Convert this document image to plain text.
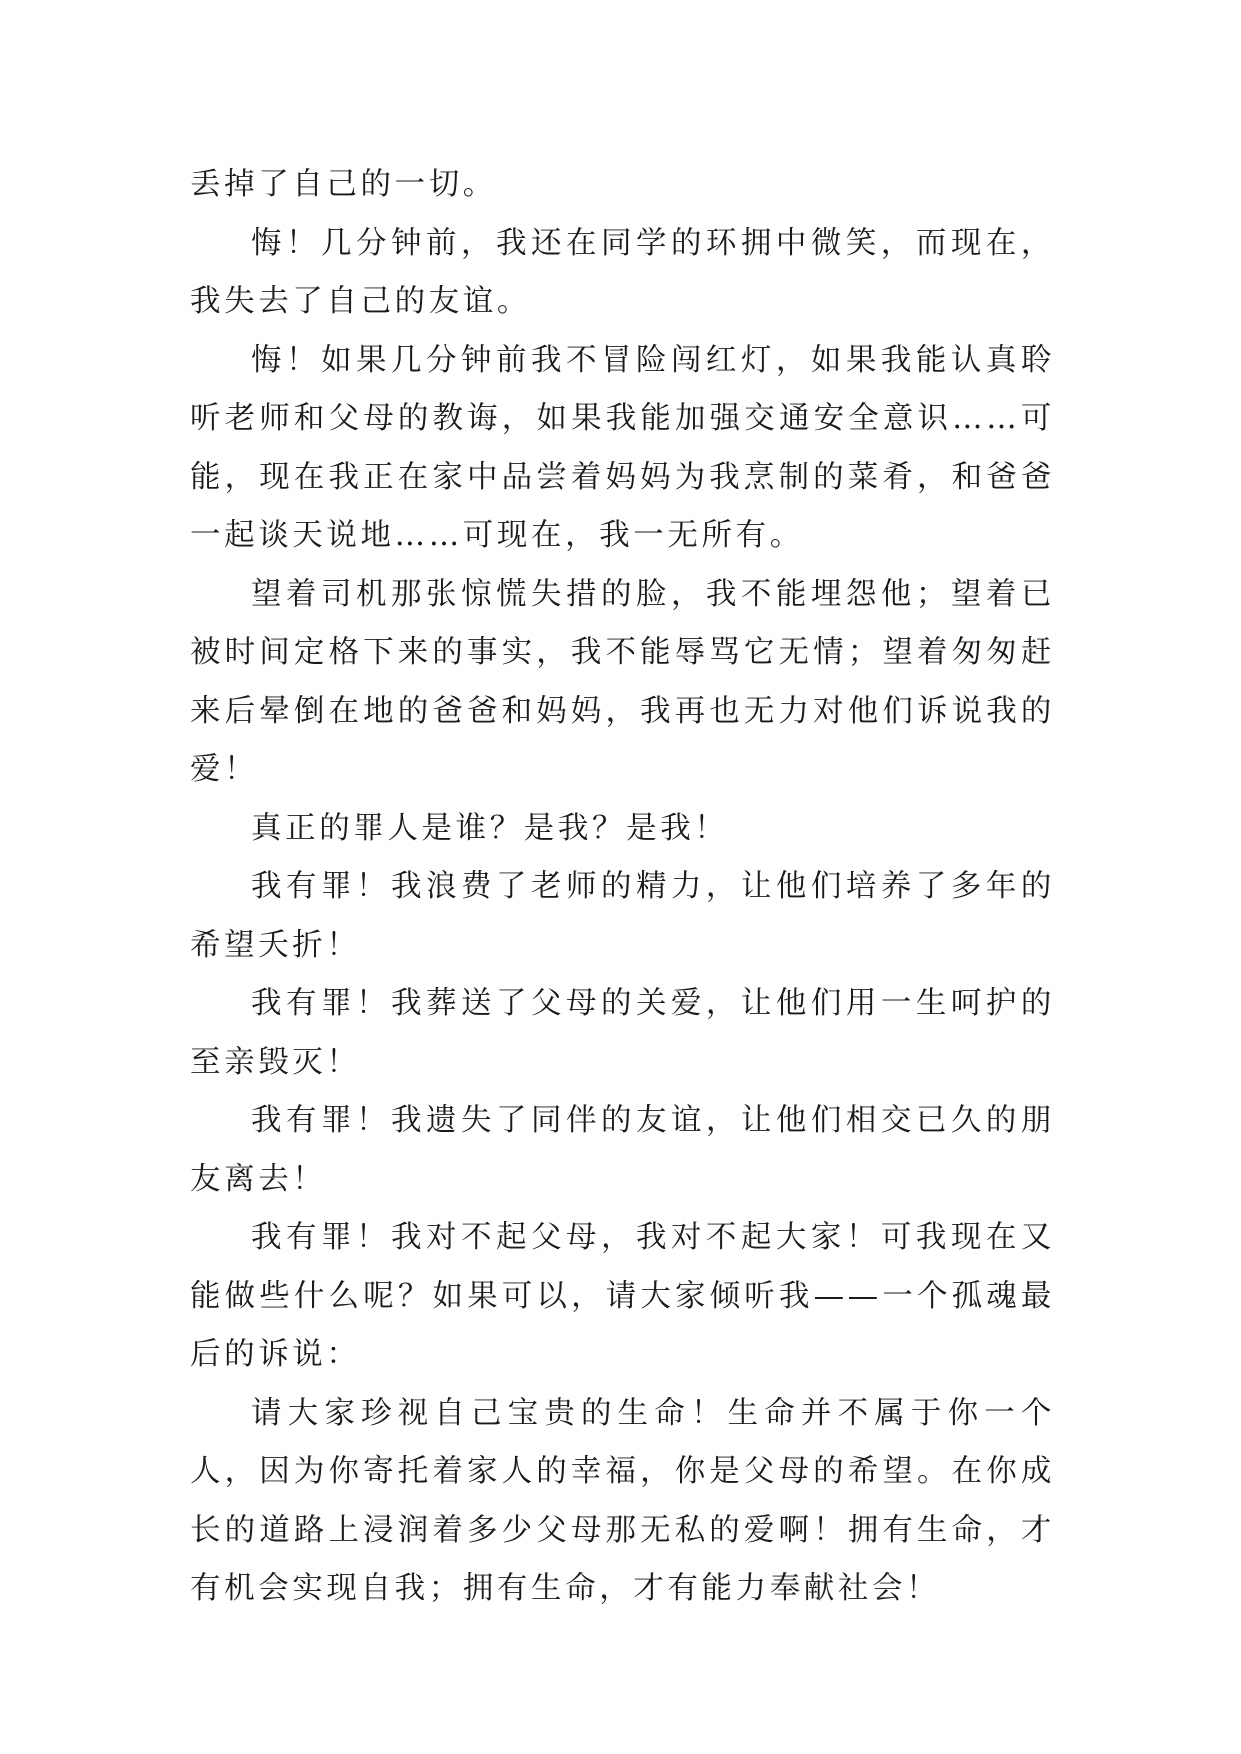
丢掉了自己的一切。

悔！几分钟前，我还在同学的环拥中微笑，而现在，我失去了自己的友谊。

悔！如果几分钟前我不冒险闯红灯，如果我能认真聆听老师和父母的教诲，如果我能加强交通安全意识……可能，现在我正在家中品尝着妈妈为我烹制的菜肴，和爸爸一起谈天说地……可现在，我一无所有。

望着司机那张惊慌失措的脸，我不能埋怨他；望着已被时间定格下来的事实，我不能辱骂它无情；望着匆匆赶来后晕倒在地的爸爸和妈妈，我再也无力对他们诉说我的爱！

真正的罪人是谁？是我？是我！

我有罪！我浪费了老师的精力，让他们培养了多年的希望夭折！

我有罪！我葬送了父母的关爱，让他们用一生呵护的至亲毁灭！

我有罪！我遗失了同伴的友谊，让他们相交已久的朋友离去！

我有罪！我对不起父母，我对不起大家！可我现在又能做些什么呢？如果可以，请大家倾听我——一个孤魂最后的诉说：

请大家珍视自己宝贵的生命！生命并不属于你一个人，因为你寄托着家人的幸福，你是父母的希望。在你成长的道路上浸润着多少父母那无私的爱啊！拥有生命，才有机会实现自我；拥有生命，才有能力奉献社会！
